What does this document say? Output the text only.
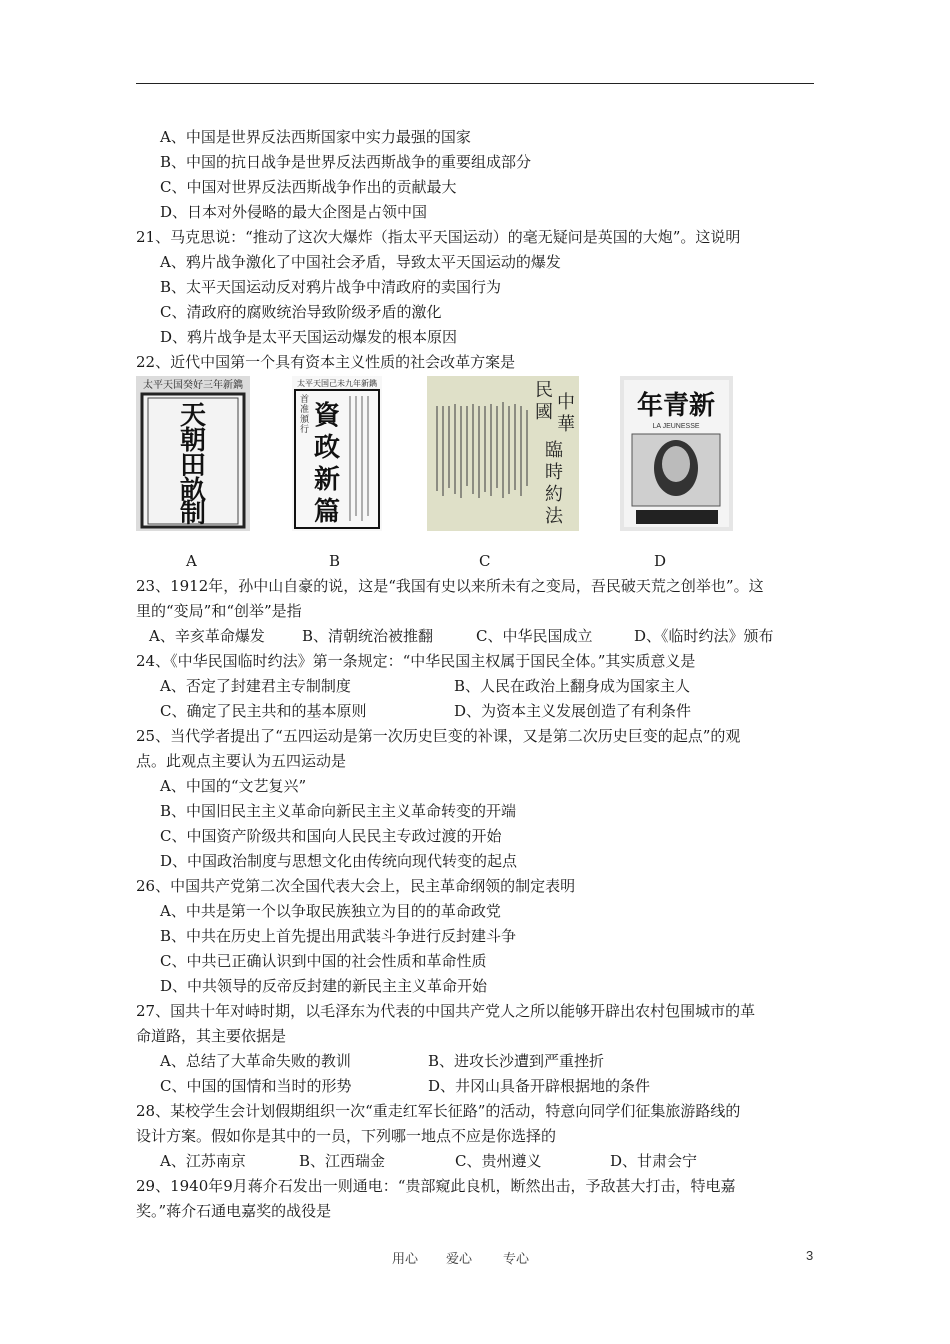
A、中国是世界反法西斯国家中实力最强的国家
B、中国的抗日战争是世界反法西斯战争的重要组成部分
C、中国对世界反法西斯战争作出的贡献最大
D、日本对外侵略的最大企图是占领中国
21、马克思说：“推动了这次大爆炸（指太平天国运动）的毫无疑问是英国的大炮”。这说明
A、鸦片战争激化了中国社会矛盾，导致太平天国运动的爆发
B、太平天国运动反对鸦片战争中清政府的卖国行为
C、清政府的腐败统治导致阶级矛盾的激化
D、鸦片战争是太平天国运动爆发的根本原因
22、近代中国第一个具有资本主义性质的社会改革方案是
太平天国癸好三年新鐫
天朝田畝制
太平天国己未九年新鐫
首准頒行 資政新篇
中華 民國 臨時約法
年青新
LA JEUNESSE
A	B	C	D
23、1912年，孙中山自豪的说，这是“我国有史以来所未有之变局，吾民破天荒之创举也”。这
里的“变局”和“创举”是指
A、辛亥革命爆发 B、清朝统治被推翻	C、中华民国成立	D、《临时约法》颁布
24、《中华民国临时约法》第一条规定：“中华民国主权属于国民全体。”其实质意义是
A、否定了封建君主专制制度	B、人民在政治上翻身成为国家主人
C、确定了民主共和的基本原则	D、为资本主义发展创造了有利条件
25、当代学者提出了“五四运动是第一次历史巨变的补课，又是第二次历史巨变的起点”的观
点。此观点主要认为五四运动是
A、中国的“文艺复兴”
B、中国旧民主主义革命向新民主主义革命转变的开端
C、中国资产阶级共和国向人民民主专政过渡的开始
D、中国政治制度与思想文化由传统向现代转变的起点
26、中国共产党第二次全国代表大会上，民主革命纲领的制定表明
A、中共是第一个以争取民族独立为目的的革命政党
B、中共在历史上首先提出用武装斗争进行反封建斗争
C、中共已正确认识到中国的社会性质和革命性质
D、中共领导的反帝反封建的新民主主义革命开始
27、国共十年对峙时期，以毛泽东为代表的中国共产党人之所以能够开辟出农村包围城市的革
命道路，其主要依据是
A、总结了大革命失败的教训	B、进攻长沙遭到严重挫折
C、中国的国情和当时的形势	D、井冈山具备开辟根据地的条件
28、某校学生会计划假期组织一次“重走红军长征路”的活动，特意向同学们征集旅游路线的
设计方案。假如你是其中的一员，下列哪一地点不应是你选择的
A、江苏南京	B、江西瑞金	C、贵州遵义	D、甘肃会宁
29、1940年9月蒋介石发出一则通电：“贵部窥此良机，断然出击，予敌甚大打击，特电嘉
奖。”蒋介石通电嘉奖的战役是
用心 爱心 专心	3
